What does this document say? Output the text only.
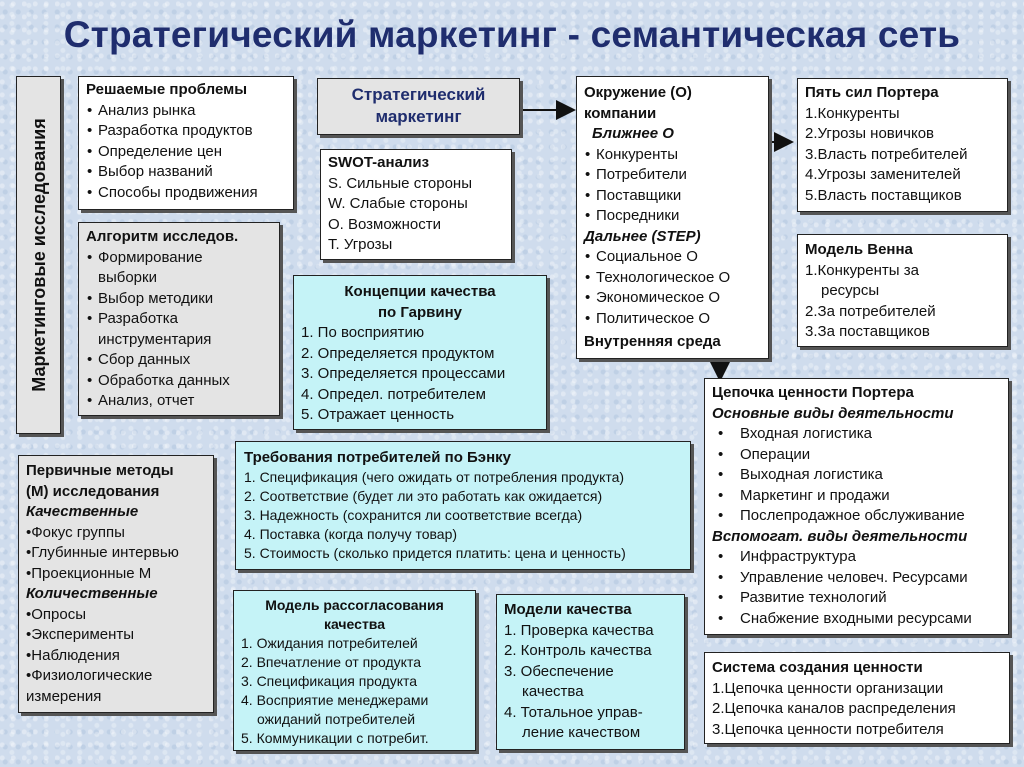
Стратегический маркетинг - семантическая сеть
Маркетинговые исследования
Решаемые проблемы
• Анализ рынка
• Разработка продуктов
• Определение цен
• Выбор названий
• Способы продвижения
Стратегический
маркетинг
SWOT-анализ
S. Сильные стороны
W. Слабые стороны
O. Возможности
T. Угрозы
Алгоритм исследов.
• Формирование
выборки
• Выбор методики
• Разработка
инструментария
• Сбор данных
• Обработка данных
• Анализ, отчет
Концепции качества
по Гарвину
1. По восприятию
2. Определяется продуктом
3. Определяется процессами
4. Определ. потребителем
5. Отражает ценность
Окружение (О)
компании
Ближнее О
• Конкуренты
• Потребители
• Поставщики
• Посредники
Дальнее (STEP)
• Социальное О
• Технологическое О
• Экономическое О
• Политическое О
Внутренняя среда
Пять сил Портера
1.Конкуренты
2.Угрозы новичков
3.Власть потребителей
4.Угрозы заменителей
5.Власть поставщиков
Модель Венна
1.Конкуренты за
ресурсы
2.За потребителей
3.За поставщиков
Первичные методы
(М) исследования
Качественные
•Фокус группы
•Глубинные интервью
•Проекционные М
Количественные
•Опросы
•Эксперименты
•Наблюдения
•Физиологические
измерения
Требования потребителей по Бэнку
1. Спецификация (чего ожидать от потребления продукта)
2. Соответствие (будет ли это работать как ожидается)
3. Надежность (сохранится ли соответствие всегда)
4. Поставка (когда получу товар)
5. Стоимость (сколько придется платить: цена и ценность)
Цепочка ценности Портера
Основные виды деятельности
• Входная логистика
• Операции
• Выходная логистика
• Маркетинг и продажи
• Послепродажное обслуживание
Вспомогат. виды деятельности
• Инфраструктура
• Управление человеч. Ресурсами
• Развитие технологий
• Снабжение входными ресурсами
Модель рассогласования
качества
1. Ожидания потребителей
2. Впечатление от продукта
3. Спецификация продукта
4. Восприятие менеджерами
ожиданий потребителей
5. Коммуникации с потребит.
Модели качества
1. Проверка качества
2. Контроль качества
3. Обеспечение
качества
4. Тотальное управ-
ление качеством
Система создания ценности
1.Цепочка ценности организации
2.Цепочка каналов распределения
3.Цепочка ценности потребителя
